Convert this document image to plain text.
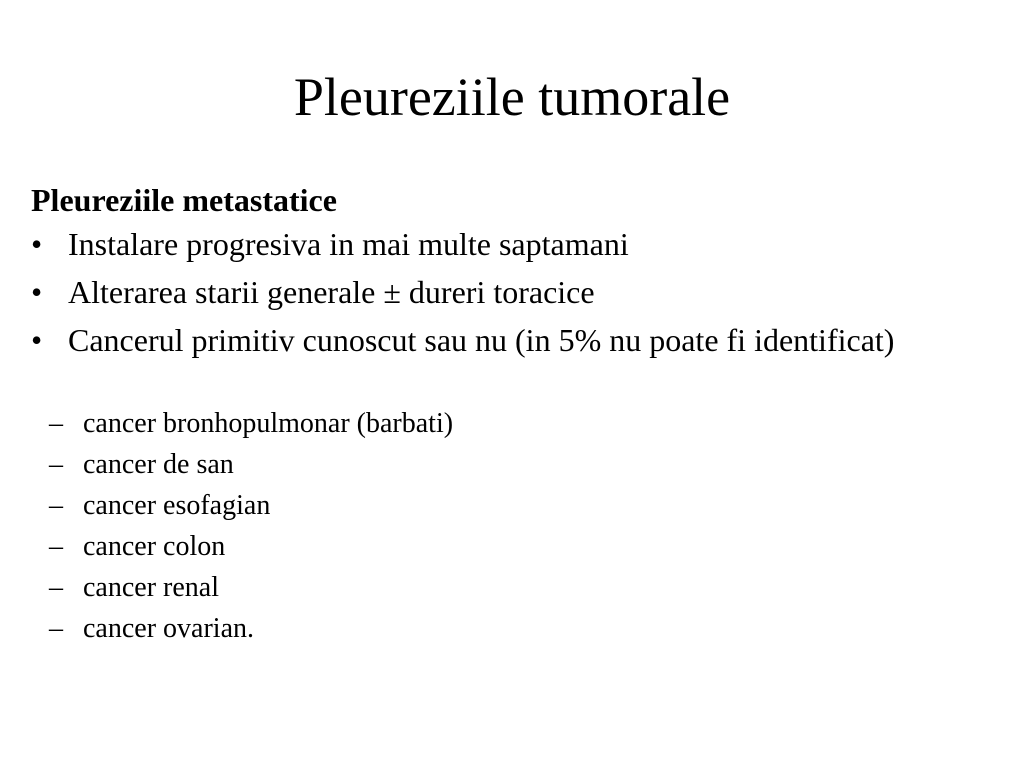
Pleureziile tumorale
Pleureziile metastatice
• Instalare progresiva in mai multe saptamani
• Alterarea starii generale ± dureri toracice
• Cancerul primitiv cunoscut sau nu (in 5% nu poate fi identificat)
– cancer bronhopulmonar (barbati)
– cancer de san
– cancer esofagian
– cancer colon
– cancer renal
– cancer ovarian.
